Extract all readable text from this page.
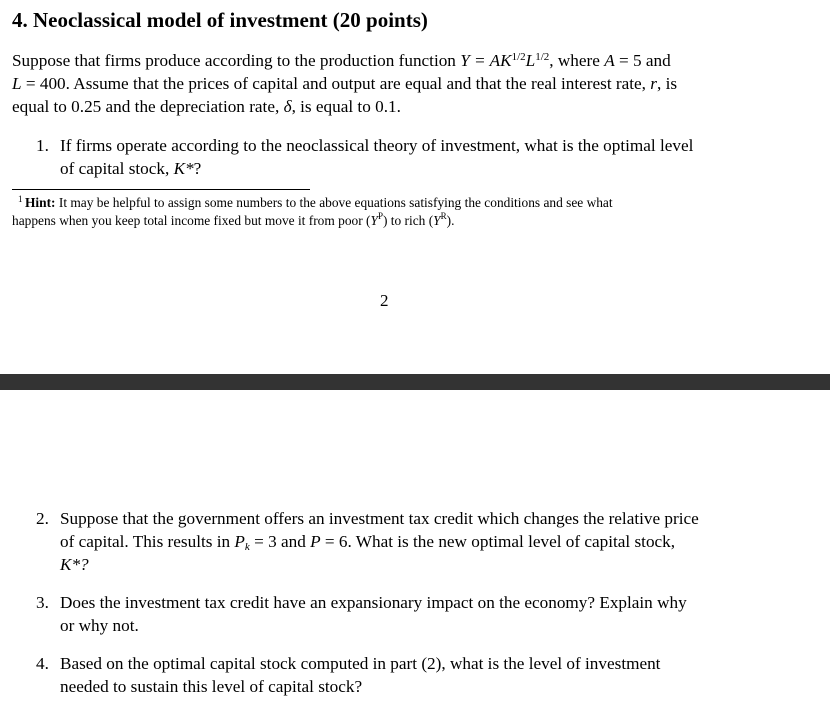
4. Neoclassical model of investment (20 points)
Suppose that firms produce according to the production function $Y = AK^{1/2}L^{1/2}$, where A = 5 and
L = 400. Assume that the prices of capital and output are equal and that the real interest rate, r, is
equal to 0.25 and the depreciation rate, δ, is equal to 0.1.
1. If firms operate according to the neoclassical theory of investment, what is the optimal level
of capital stock, K*?
1 Hint: It may be helpful to assign some numbers to the above equations satisfying the conditions and see what
happens when you keep total income fixed but move it from poor $(Y^P)$ to rich $(Y^R)$.
2
2. Suppose that the government offers an investment tax credit which changes the relative price
of capital. This results in $P_k = 3$ and P = 6. What is the new optimal level of capital stock,
K*?
3. Does the investment tax credit have an expansionary impact on the economy? Explain why
or why not.
4. Based on the optimal capital stock computed in part (2), what is the level of investment
needed to sustain this level of capital stock?
